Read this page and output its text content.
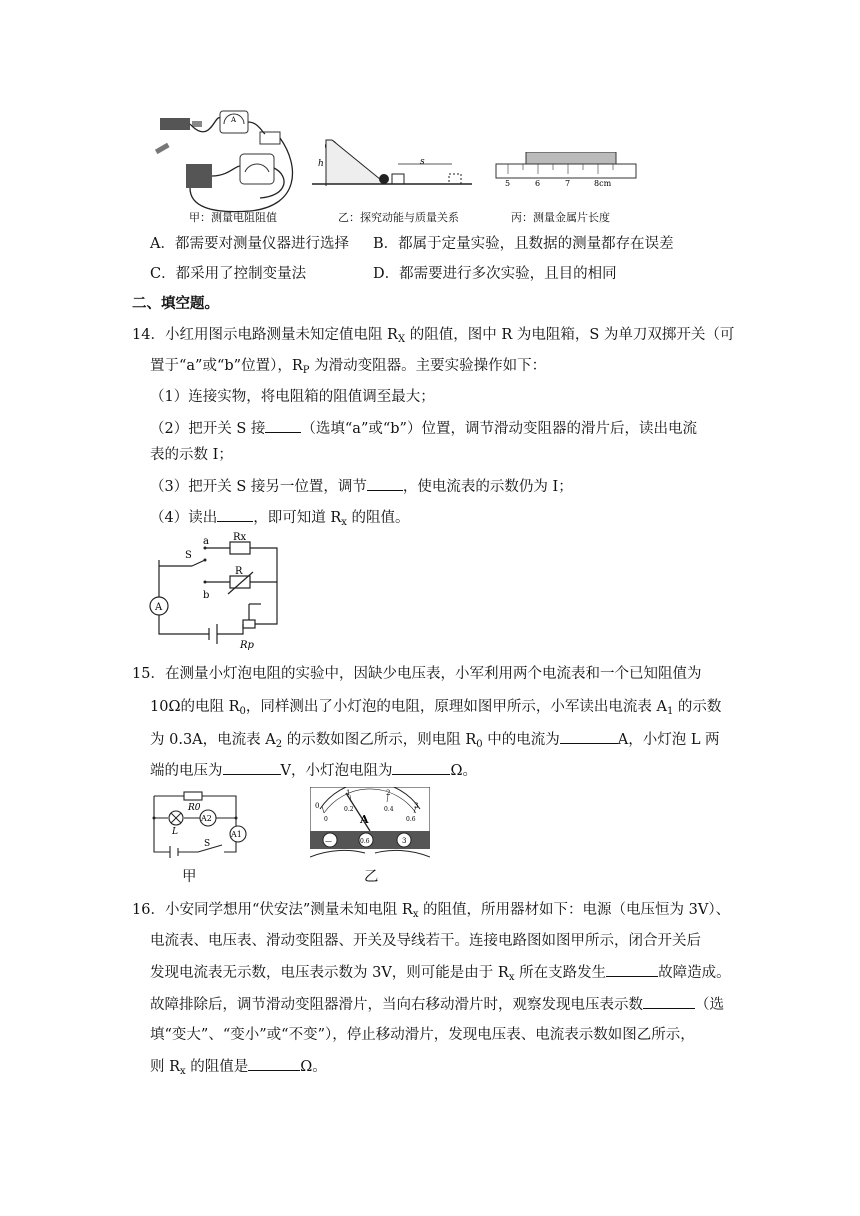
A
甲：测量电阻阻值
s
h
乙：探究动能与质量关系
5	6	7	8cm
丙：测量金属片长度
A．都需要对测量仪器进行选择 B．都属于定量实验，且数据的测量都存在误差
C．都采用了控制变量法	D．都需要进行多次实验，且目的相同
二、填空题。
14．小红用图示电路测量未知定值电阻 $R_X$ 的阻值，图中 R 为电阻箱，S 为单刀双掷开关（可
置于“a”或“b”位置），$R_P$ 为滑动变阻器。主要实验操作如下：
（1）连接实物，将电阻箱的阻值调至最大；
（2）把开关 S 接 （选填“a”或“b”）位置，调节滑动变阻器的滑片后，读出电流
表的示数 I；
（3）把开关 S 接另一位置，调节 ，使电流表的示数仍为 I；
（4）读出 ，即可知道 $R_x$ 的阻值。
A
S
a
b
Rx
R
Rp
15．在测量小灯泡电阻的实验中，因缺少电压表，小军利用两个电流表和一个已知阻值为
10Ω的电阻 $R_0$，同样测出了小灯泡的电阻，原理如图甲所示，小军读出电流表 $A_1$ 的示数
为 0.3A，电流表 $A_2$ 的示数如图乙所示，则电阻 $R_0$ 中的电流为	A，小灯泡 L 两
端的电压为	V，小灯泡电阻为	Ω。
R0
L
A2
A1
S
甲
0
1	2
3
0
0.2	0.4
0.6
A
—	0.6	3
乙
16．小安同学想用“伏安法”测量未知电阻 $R_x$ 的阻值，所用器材如下：电源（电压恒为 3V）、
电流表、电压表、滑动变阻器、开关及导线若干。连接电路图如图甲所示，闭合开关后
发现电流表无示数，电压表示数为 3V，则可能是由于 $R_x$ 所在支路发生	故障造成。
故障排除后，调节滑动变阻器滑片，当向右移动滑片时，观察发现电压表示数	（选
填“变大”、“变小”或“不变”），停止移动滑片，发现电压表、电流表示数如图乙所示，
则 $R_x$ 的阻值是	Ω。
